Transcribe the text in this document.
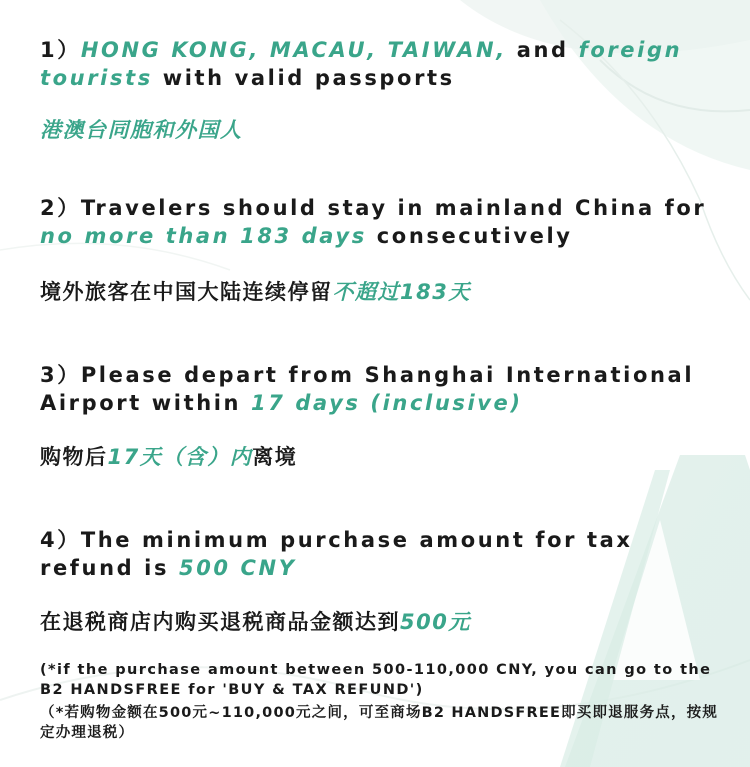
1）HONG KONG, MACAU, TAIWAN, and foreign tourists with valid passports

港澳台同胞和外国人

2）Travelers should stay in mainland China for no more than 183 days consecutively

境外旅客在中国大陆连续停留不超过183天

3）Please depart from Shanghai International Airport within 17 days (inclusive)

购物后17天（含）内离境

4）The minimum purchase amount for tax refund is 500 CNY

在退税商店内购买退税商品金额达到500元

(*if the purchase amount between 500-110,000 CNY, you can go to the B2 HANDSFREE for 'BUY & TAX REFUND')

（*若购物金额在500元~110,000元之间，可至商场B2 HANDSFREE即买即退服务点，按规定办理退税）
